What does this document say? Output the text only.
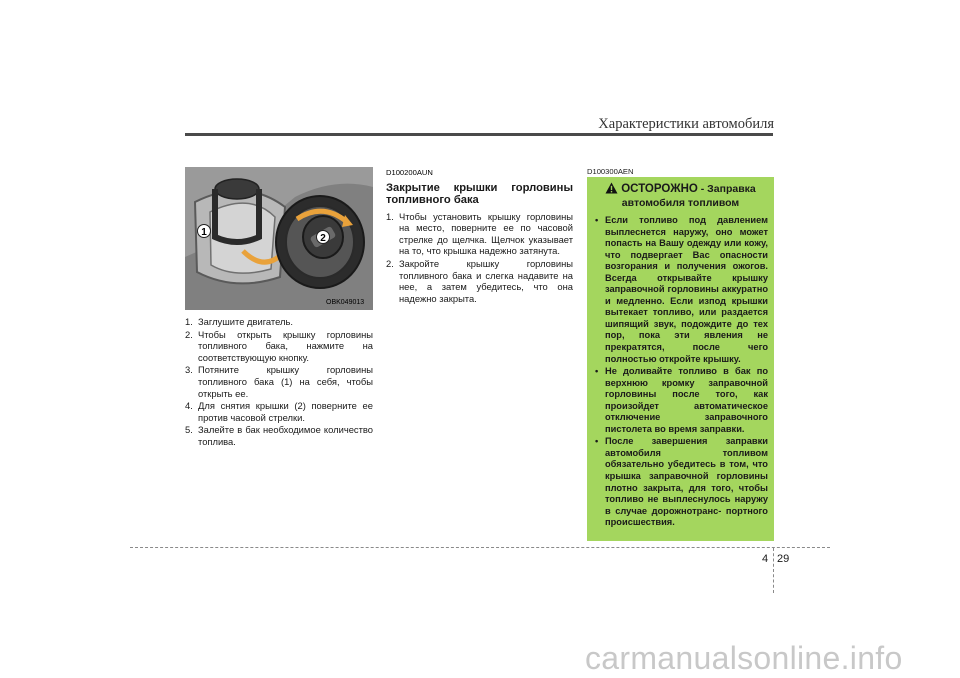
Характеристики автомобиля
1
2
OBK049013
1. Заглушите двигатель.
2. Чтобы открыть крышку горловины топливного бака, нажмите на соответствующую кнопку.
3. Потяните крышку горловины топливного бака (1) на себя, чтобы открыть ее.
4. Для снятия крышки (2) поверните ее против часовой стрелки.
5. Залейте в бак необходимое количество топлива.
D100200AUN
Закрытие крышки горловины топливного бака
1. Чтобы установить крышку горловины на место, поверните ее по часовой стрелке до щелчка. Щелчок указывает на то, что крышка надежно затянута.
2. Закройте крышку горловины топливного бака и слегка надавите на нее, а затем убедитесь, что она надежно закрыта.
D100300AEN
ОСТОРОЖНО - Заправка автомобиля топливом
• Если топливо под давлением выплеснется наружу, оно может попасть на Вашу одежду или кожу, что подвергает Вас опасности возгорания и получения ожогов. Всегда открывайте крышку заправочной горловины аккуратно и медленно. Если изпод крышки вытекает топливо, или раздается шипящий звук, подождите до тех пор, пока эти явления не прекратятся, после чего полностью откройте крышку.
• Не доливайте топливо в бак по верхнюю кромку заправочной горловины после того, как произойдет автоматическое отключение заправочного пистолета во время заправки.
• После завершения заправки автомобиля топливом обязательно убедитесь в том, что крышка заправочной горловины плотно закрыта, для того, чтобы топливо не выплеснулось наружу в случае дорожнотранс- портного происшествия.
4 29
carmanualsonline.info
